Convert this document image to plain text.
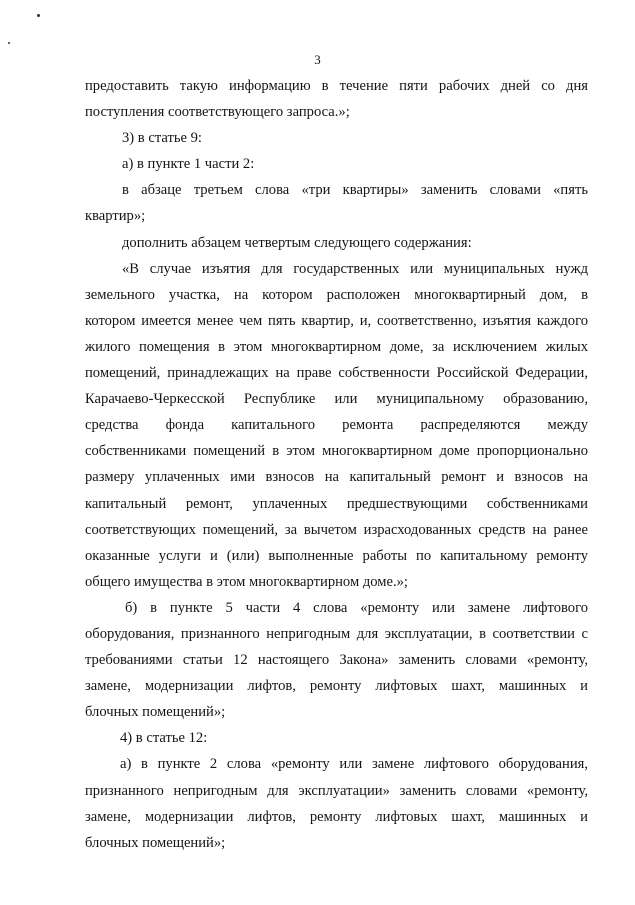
3
предоставить такую информацию в течение пяти рабочих дней со дня
поступления соответствующего запроса.»;
3) в статье 9:
а) в пункте 1 части 2:
в абзаце третьем слова «три квартиры» заменить словами «пять
квартир»;
дополнить абзацем четвертым следующего содержания:
«В случае изъятия для государственных или муниципальных нужд
земельного участка, на котором расположен многоквартирный дом, в
котором имеется менее чем пять квартир, и, соответственно, изъятия каждого
жилого помещения в этом многоквартирном доме, за исключением жилых
помещений, принадлежащих на праве собственности Российской Федерации,
Карачаево-Черкесской Республике или муниципальному образованию,
средства фонда капитального ремонта распределяются между
собственниками помещений в этом многоквартирном доме пропорционально
размеру уплаченных ими взносов на капитальный ремонт и взносов на
капитальный ремонт, уплаченных предшествующими собственниками
соответствующих помещений, за вычетом израсходованных средств на ранее
оказанные услуги и (или) выполненные работы по капитальному ремонту
общего имущества в этом многоквартирном доме.»;
б) в пункте 5 части 4 слова «ремонту или замене лифтового
оборудования, признанного непригодным для эксплуатации, в соответствии с
требованиями статьи 12 настоящего Закона» заменить словами «ремонту,
замене, модернизации лифтов, ремонту лифтовых шахт, машинных и
блочных помещений»;
4) в статье 12:
а) в пункте 2 слова «ремонту или замене лифтового оборудования,
признанного непригодным для эксплуатации» заменить словами «ремонту,
замене, модернизации лифтов, ремонту лифтовых шахт, машинных и
блочных помещений»;
